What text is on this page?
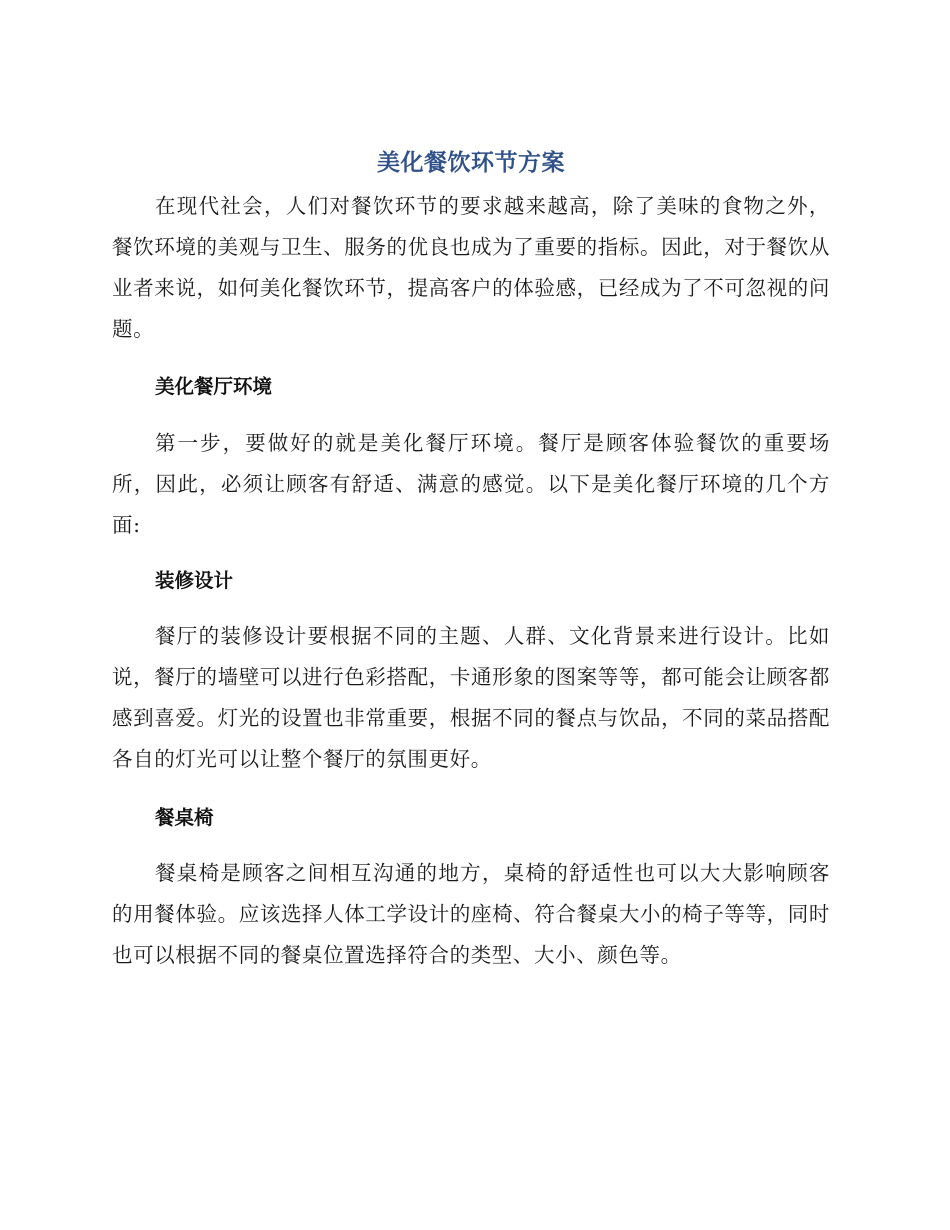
美化餐饮环节方案

在现代社会，人们对餐饮环节的要求越来越高，除了美味的食物之外，餐饮环境的美观与卫生、服务的优良也成为了重要的指标。因此，对于餐饮从业者来说，如何美化餐饮环节，提高客户的体验感，已经成为了不可忽视的问题。

美化餐厅环境

第一步，要做好的就是美化餐厅环境。餐厅是顾客体验餐饮的重要场所，因此，必须让顾客有舒适、满意的感觉。以下是美化餐厅环境的几个方面:

装修设计

餐厅的装修设计要根据不同的主题、人群、文化背景来进行设计。比如说，餐厅的墙壁可以进行色彩搭配，卡通形象的图案等等，都可能会让顾客都感到喜爱。灯光的设置也非常重要，根据不同的餐点与饮品，不同的菜品搭配各自的灯光可以让整个餐厅的氛围更好。

餐桌椅

餐桌椅是顾客之间相互沟通的地方，桌椅的舒适性也可以大大影响顾客的用餐体验。应该选择人体工学设计的座椅、符合餐桌大小的椅子等等，同时也可以根据不同的餐桌位置选择符合的类型、大小、颜色等。
